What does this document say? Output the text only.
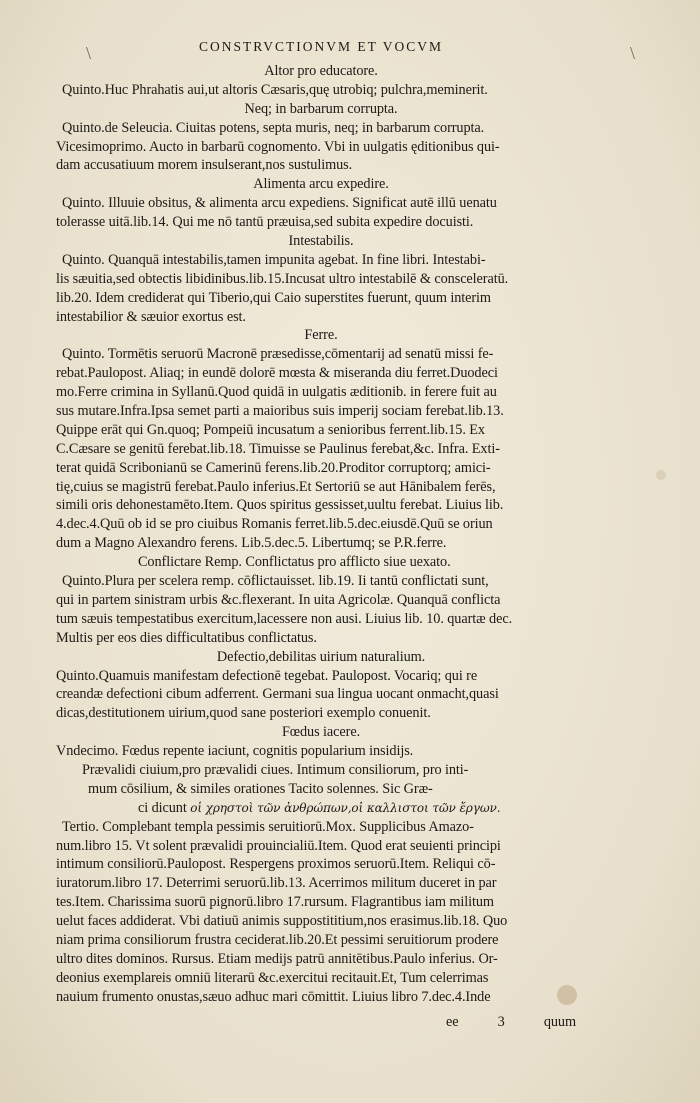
\	\
CONSTRVCTIONVM ET VOCVM
Altor pro educatore.
Quinto.Huc Phrahatis aui,ut altoris Cæsaris,quę utrobiq; pulchra,meminerit.
Neq; in barbarum corrupta.
Quinto.de Seleucia. Ciuitas potens, septa muris, neq; in barbarum corrupta.
Vicesimoprimo. Aucto in barbarū cognomento. Vbi in uulgatis ęditionibus qui-
dam accusatiuum morem insulserant,nos sustulimus.
Alimenta arcu expedire.
Quinto. Illuuie obsitus, & alimenta arcu expediens. Significat autē illū uenatu
tolerasse uitā.lib.14. Qui me nō tantū præuisa,sed subita expedire docuisti.
Intestabilis.
Quinto. Quanquā intestabilis,tamen impunita agebat. In fine libri. Intestabi-
lis sæuitia,sed obtectis libidinibus.lib.15.Incusat ultro intestabilē & consceleratū.
lib.20. Idem crediderat qui Tiberio,qui Caio superstites fuerunt, quum interim
intestabilior & sæuior exortus est.
Ferre.
Quinto. Tormētis seruorū Macronē præsedisse,cōmentarij ad senatū missi fe-
rebat.Paulopost. Aliaq; in eundē dolorē mœsta & miseranda diu ferret.Duodeci
mo.Ferre crimina in Syllanū.Quod quidā in uulgatis æditionib. in ferere fuit au
sus mutare.Infra.Ipsa semet parti a maioribus suis imperij sociam ferebat.lib.13.
Quippe erāt qui Gn.quoq; Pompeiū incusatum a senioribus ferrent.lib.15. Ex
C.Cæsare se genitū ferebat.lib.18. Timuisse se Paulinus ferebat,&c. Infra. Exti-
terat quidā Scribonianū se Camerinū ferens.lib.20.Proditor corruptorq; amici-
tię,cuius se magistrū ferebat.Paulo inferius.Et Sertoriū se aut Hānibalem ferēs,
simili oris dehonestamēto.Item. Quos spiritus gessisset,uultu ferebat. Liuius lib.
4.dec.4.Quū ob id se pro ciuibus Romanis ferret.lib.5.dec.eiusdē.Quū se oriun
dum a Magno Alexandro ferens. Lib.5.dec.5. Libertumq; se P.R.ferre.
Conflictare Remp. Conflictatus pro afflicto siue uexato.
Quinto.Plura per scelera remp. cōflictauisset. lib.19. Ii tantū conflictati sunt,
qui in partem sinistram urbis &c.flexerant. In uita Agricolæ. Quanquā conflicta
tum sæuis tempestatibus exercitum,lacessere non ausi. Liuius lib. 10. quartæ dec.
Multis per eos dies difficultatibus conflictatus.
Defectio,debilitas uirium naturalium.
Quinto.Quamuis manifestam defectionē tegebat. Paulopost. Vocariq; qui re
creandæ defectioni cibum adferrent. Germani sua lingua uocant onmacht,quasi
dicas,destitutionem uirium,quod sane posteriori exemplo conuenit.
Fœdus iacere.
Vndecimo. Fœdus repente iaciunt, cognitis popularium insidijs.
Prævalidi ciuium,pro prævalidi ciues. Intimum consiliorum, pro inti-
mum cōsilium, & similes orationes Tacito solennes. Sic Græ-
ci dicunt οἱ χρηστοὶ τῶν ἀνθρώπων,οἱ καλλιστοι τῶν ἔργων.
Tertio. Complebant templa pessimis seruitiorū.Mox. Supplicibus Amazo-
num.libro 15. Vt solent prævalidi prouincialiū.Item. Quod erat seuienti principi
intimum consiliorū.Paulopost. Respergens proximos seruorū.Item. Reliqui cō-
iuratorum.libro 17. Deterrimi seruorū.lib.13. Acerrimos militum duceret in par
tes.Item. Charissima suorū pignorū.libro 17.rursum. Flagrantibus iam militum
uelut faces addiderat. Vbi datiuū animis suppostititium,nos erasimus.lib.18. Quo
niam prima consiliorum frustra ceciderat.lib.20.Et pessimi seruitiorum prodere
ultro dites dominos. Rursus. Etiam medijs patrū annitētibus.Paulo inferius. Or-
deonius exemplareis omniū literarū &c.exercitui recitauit.Et, Tum celerrimas
nauium frumento onustas,sæuo adhuc mari cōmittit. Liuius libro 7.dec.4.Inde
ee	3	quum
